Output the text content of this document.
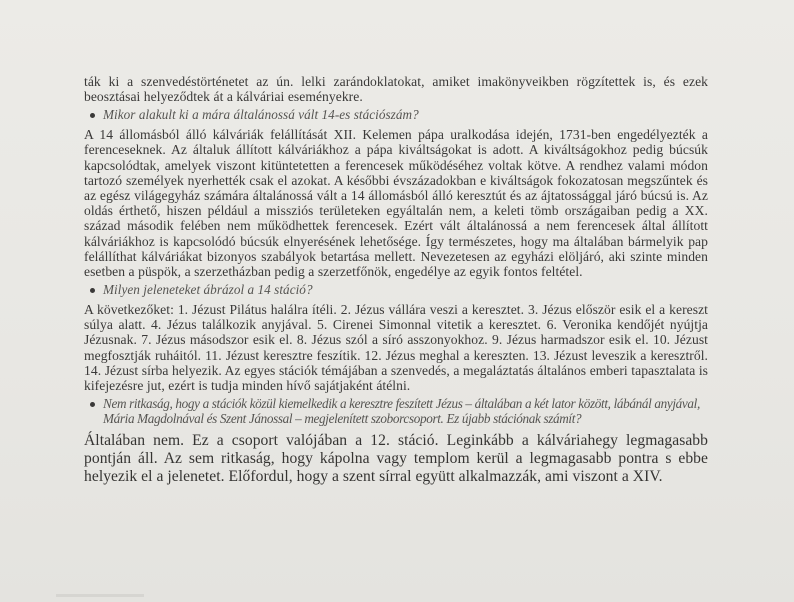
ták ki a szenvedéstörténetet az ún. lelki zarándoklatokat, amiket imakönyveikben rögzítettek is, és ezek beosztásai helyeződtek át a kálváriai eseményekre.

Mikor alakult ki a mára általánossá vált 14-es stációszám?

A 14 állomásból álló kálváriák felállítását XII. Kelemen pápa uralkodása idején, 1731-ben engedélyezték a ferenceseknek. Az általuk állított kálváriákhoz a pápa kiváltságokat is adott. A kiváltságokhoz pedig búcsúk kapcsolódtak, amelyek viszont kitüntetetten a ferencesek működéséhez voltak kötve. A rendhez valami módon tartozó személyek nyerhették csak el azokat. A későbbi évszázadokban e kiváltságok fokozatosan megszűntek és az egész világegyház számára általánossá vált a 14 állomásból álló keresztút és az ájtatossággal járó búcsú is. Az oldás érthető, hiszen például a missziós területeken egyáltalán nem, a keleti tömb országaiban pedig a XX. század második felében nem működhettek ferencesek. Ezért vált általánossá a nem ferencesek által állított kálváriákhoz is kapcsolódó búcsúk elnyerésének lehetősége. Így természetes, hogy ma általában bármelyik pap felállíthat kálváriákat bizonyos szabályok betartása mellett. Nevezetesen az egyházi elöljáró, aki szinte minden esetben a püspök, a szerzetházban pedig a szerzetfőnök, engedélye az egyik fontos feltétel.

Milyen jeleneteket ábrázol a 14 stáció?

A következőket: 1. Jézust Pilátus halálra ítéli. 2. Jézus vállára veszi a keresztet. 3. Jézus először esik el a kereszt súlya alatt. 4. Jézus találkozik anyjával. 5. Cirenei Simonnal vitetik a keresztet. 6. Veronika kendőjét nyújtja Jézusnak. 7. Jézus másodszor esik el. 8. Jézus szól a síró asszonyokhoz. 9. Jézus harmadszor esik el. 10. Jézust megfosztják ruháitól. 11. Jézust keresztre feszítik. 12. Jézus meghal a kereszten. 13. Jézust leveszik a keresztről. 14. Jézust sírba helyezik. Az egyes stációk témájában a szenvedés, a megaláztatás általános emberi tapasztalata is kifejezésre jut, ezért is tudja minden hívő sajátjaként átélni.

Nem ritkaság, hogy a stációk közül kiemelkedik a keresztre feszített Jézus – általában a két lator között, lábánál anyjával, Mária Magdolnával és Szent Jánossal – megjelenített szoborcsoport. Ez újabb stációnak számít?

Általában nem. Ez a csoport valójában a 12. stáció. Leginkább a kálváriahegy legmagasabb pontján áll. Az sem ritkaság, hogy kápolna vagy templom kerül a legmagasabb pontra s ebbe helyezik el a jelenetet. Előfordul, hogy a szent sírral együtt alkalmazzák, ami viszont a XIV.
